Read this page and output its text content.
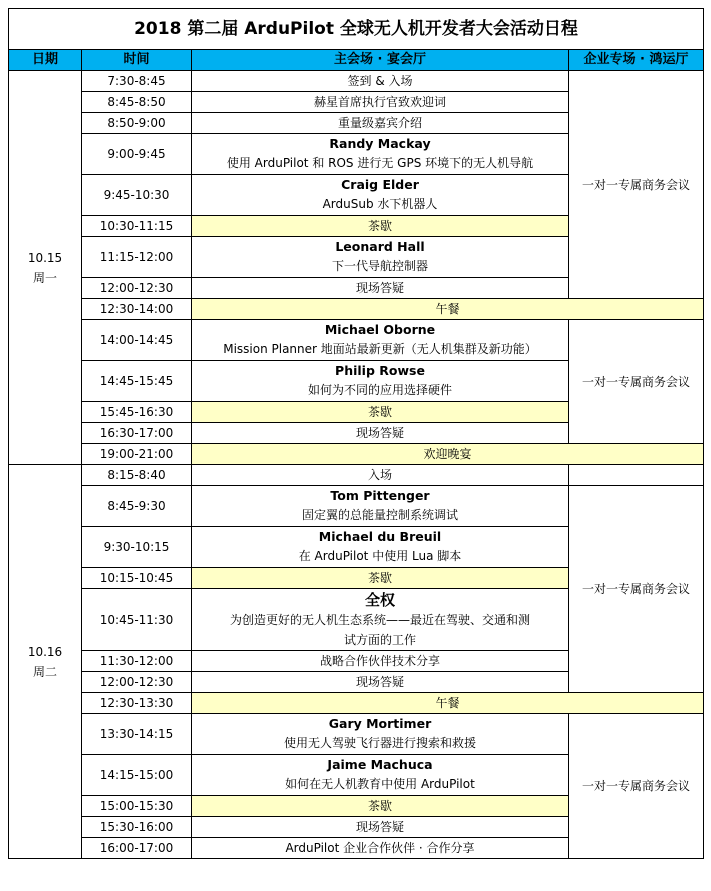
2018 第二届 ArduPilot 全球无人机开发者大会活动日程			
日期	时间	主会场 · 宴会厅	企业专场 · 鸿运厅
10.15
周一	7:30-8:45	签到 & 入场	一对一专属商务会议
	8:45-8:50	赫星首席执行官致欢迎词	
	8:50-9:00	重量级嘉宾介绍	
	9:00-9:45	Randy Mackay
使用 ArduPilot 和 ROS 进行无 GPS 环境下的无人机导航	

	9:45-10:30	Craig Elder
ArduSub 水下机器人	

	10:30-11:15	茶歇	
	11:15-12:00	Leonard Hall
下一代导航控制器	

	12:00-12:30	现场答疑	
	12:30-14:00	午餐	
	14:00-14:45	Michael Oborne
Mission Planner 地面站最新更新（无人机集群及新功能）	一对一专属商务会议
	14:45-15:45	Philip Rowse
如何为不同的应用选择硬件	

	15:45-16:30	茶歇	
	16:30-17:00	现场答疑	
	19:00-21:00	欢迎晚宴	

10.16
周二	8:15-8:40	入场	
	8:45-9:30	Tom Pittenger
固定翼的总能量控制系统调试	一对一专属商务会议
	9:30-10:15	Michael du Breuil
在 ArduPilot 中使用 Lua 脚本	

	10:15-10:45	茶歇	
	10:45-11:30	全权
为创造更好的无人机生态系统——最近在驾驶、交通和测试方面的工作	

	11:30-12:00	战略合作伙伴技术分享	
	12:00-12:30	现场答疑	
	12:30-13:30	午餐	
	13:30-14:15	Gary Mortimer
使用无人驾驶飞行器进行搜索和救援	一对一专属商务会议
	14:15-15:00	Jaime Machuca
如何在无人机教育中使用 ArduPilot	

	15:00-15:30	茶歇	
	15:30-16:00	现场答疑	
	16:00-17:00	ArduPilot 企业合作伙伴 · 合作分享	
